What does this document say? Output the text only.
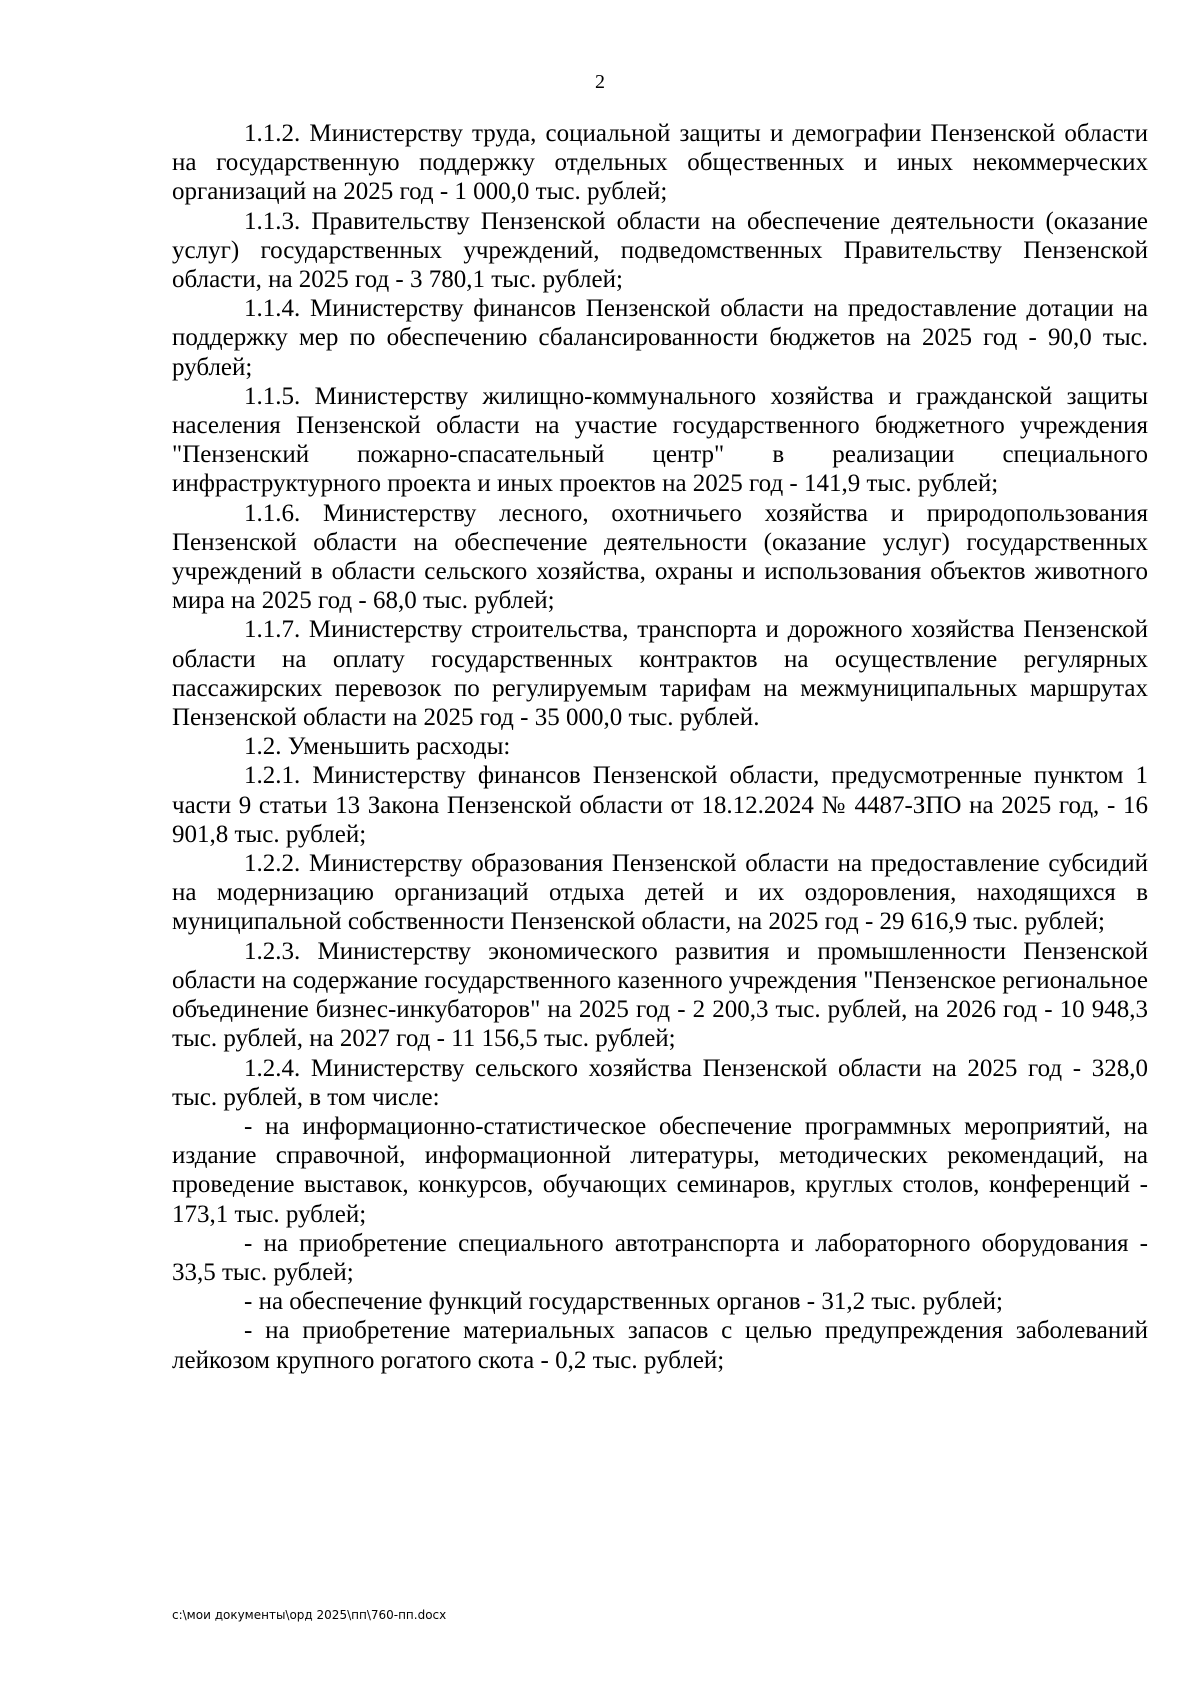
2

1.1.2. Министерству труда, социальной защиты и демографии Пензенской области на государственную поддержку отдельных общественных и иных некоммерческих организаций на 2025 год - 1 000,0 тыс. рублей;

1.1.3. Правительству Пензенской области на обеспечение деятельности (оказание услуг) государственных учреждений, подведомственных Правительству Пензенской области, на 2025 год - 3 780,1 тыс. рублей;

1.1.4. Министерству финансов Пензенской области на предоставление дотации на поддержку мер по обеспечению сбалансированности бюджетов на 2025 год - 90,0 тыс. рублей;

1.1.5. Министерству жилищно-коммунального хозяйства и гражданской защиты населения Пензенской области на участие государственного бюджетного учреждения "Пензенский пожарно-спасательный центр" в реализации специального инфраструктурного проекта и иных проектов на 2025 год - 141,9 тыс. рублей;

1.1.6. Министерству лесного, охотничьего хозяйства и природопользования Пензенской области на обеспечение деятельности (оказание услуг) государственных учреждений в области сельского хозяйства, охраны и использования объектов животного мира на 2025 год - 68,0 тыс. рублей;

1.1.7. Министерству строительства, транспорта и дорожного хозяйства Пензенской области на оплату государственных контрактов на осуществление регулярных пассажирских перевозок по регулируемым тарифам на межмуниципальных маршрутах Пензенской области на 2025 год - 35 000,0 тыс. рублей.

1.2. Уменьшить расходы:

1.2.1. Министерству финансов Пензенской области, предусмотренные пунктом 1 части 9 статьи 13 Закона Пензенской области от 18.12.2024 № 4487-ЗПО на 2025 год, - 16 901,8 тыс. рублей;

1.2.2. Министерству образования Пензенской области на предоставление субсидий на модернизацию организаций отдыха детей и их оздоровления, находящихся в муниципальной собственности Пензенской области, на 2025 год - 29 616,9 тыс. рублей;

1.2.3. Министерству экономического развития и промышленности Пензенской области на содержание государственного казенного учреждения "Пензенское региональное объединение бизнес-инкубаторов" на 2025 год - 2 200,3 тыс. рублей, на 2026 год - 10 948,3 тыс. рублей, на 2027 год - 11 156,5 тыс. рублей;

1.2.4. Министерству сельского хозяйства Пензенской области на 2025 год - 328,0 тыс. рублей, в том числе:

- на информационно-статистическое обеспечение программных мероприятий, на издание справочной, информационной литературы, методических рекомендаций, на проведение выставок, конкурсов, обучающих семинаров, круглых столов, конференций - 173,1 тыс. рублей;

- на приобретение специального автотранспорта и лабораторного оборудования - 33,5 тыс. рублей;

- на обеспечение функций государственных органов - 31,2 тыс. рублей;

- на приобретение материальных запасов с целью предупреждения заболеваний лейкозом крупного рогатого скота - 0,2 тыс. рублей;

c:\мои документы\орд 2025\пп\760-пп.docx
